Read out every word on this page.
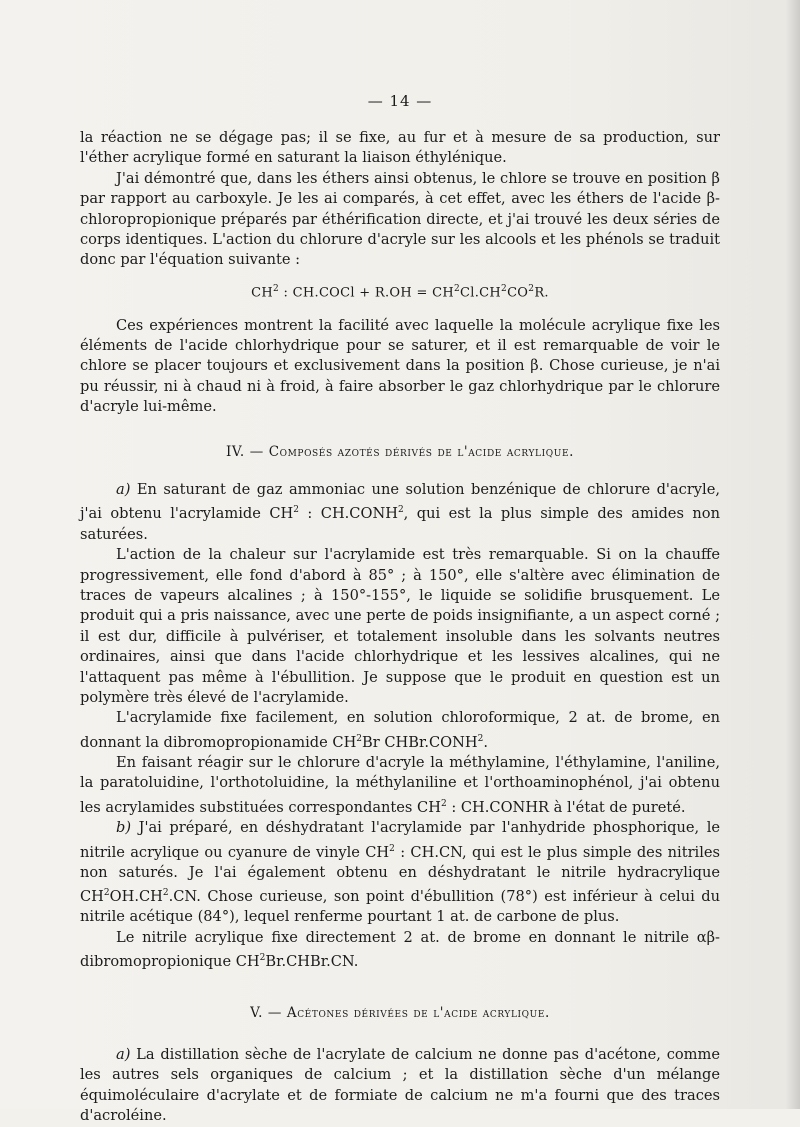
— 14 —

la réaction ne se dégage pas; il se fixe, au fur et à mesure de sa production, sur l'éther acrylique formé en saturant la liaison éthylénique.

J'ai démontré que, dans les éthers ainsi obtenus, le chlore se trouve en position β par rapport au carboxyle. Je les ai comparés, à cet effet, avec les éthers de l'acide β-chloropropionique préparés par éthérification directe, et j'ai trouvé les deux séries de corps identiques. L'action du chlorure d'acryle sur les alcools et les phénols se traduit donc par l'équation suivante :

$CH^2$ : CH.COCl + $R.OH = CH^2Cl.CH^2CO^2R$.

Ces expériences montrent la facilité avec laquelle la molécule acrylique fixe les éléments de l'acide chlorhydrique pour se saturer, et il est remarquable de voir le chlore se placer toujours et exclusivement dans la position β. Chose curieuse, je n'ai pu réussir, ni à chaud ni à froid, à faire absorber le gaz chlorhydrique par le chlorure d'acryle lui-même.

IV. — Composés azotés dérivés de l'acide acrylique.

a) En saturant de gaz ammoniac une solution benzénique de chlorure d'acryle, j'ai obtenu l'acrylamide $CH^2$ : CH.CONH$^2$, qui est la plus simple des amides non saturées.

L'action de la chaleur sur l'acrylamide est très remarquable. Si on la chauffe progressivement, elle fond d'abord à 85° ; à 150°, elle s'altère avec élimination de traces de vapeurs alcalines ; à 150°-155°, le liquide se solidifie brusquement. Le produit qui a pris naissance, avec une perte de poids insignifiante, a un aspect corné ; il est dur, difficile à pulvériser, et totalement insoluble dans les solvants neutres ordinaires, ainsi que dans l'acide chlorhydrique et les lessives alcalines, qui ne l'attaquent pas même à l'ébullition. Je suppose que le produit en question est un polymère très élevé de l'acrylamide.

L'acrylamide fixe facilement, en solution chloroformique, 2 at. de brome, en donnant la dibromopropionamide $CH^2Br$ CHBr.CONH$^2$.

En faisant réagir sur le chlorure d'acryle la méthylamine, l'éthylamine, l'aniline, la paratoluidine, l'orthotoluidine, la méthylaniline et l'orthoaminophénol, j'ai obtenu les acrylamides substituées correspondantes $CH^2$ : CH.CONHR à l'état de pureté.

b) J'ai préparé, en déshydratant l'acrylamide par l'anhydride phosphorique, le nitrile acrylique ou cyanure de vinyle $CH^2$ : CH.CN, qui est le plus simple des nitriles non saturés. Je l'ai également obtenu en déshydratant le nitrile hydracrylique $CH^2OH.CH^2.CN$. Chose curieuse, son point d'ébullition (78°) est inférieur à celui du nitrile acétique (84°), lequel renferme pourtant 1 at. de carbone de plus.

Le nitrile acrylique fixe directement 2 at. de brome en donnant le nitrile αβ-dibromopropionique $CH^2Br.CHBr.CN$.

V. — Acétones dérivées de l'acide acrylique.

a) La distillation sèche de l'acrylate de calcium ne donne pas d'acétone, comme les autres sels organiques de calcium ; et la distillation sèche d'un mélange équimoléculaire d'acrylate et de formiate de calcium ne m'a fourni que des traces d'acroléine.
